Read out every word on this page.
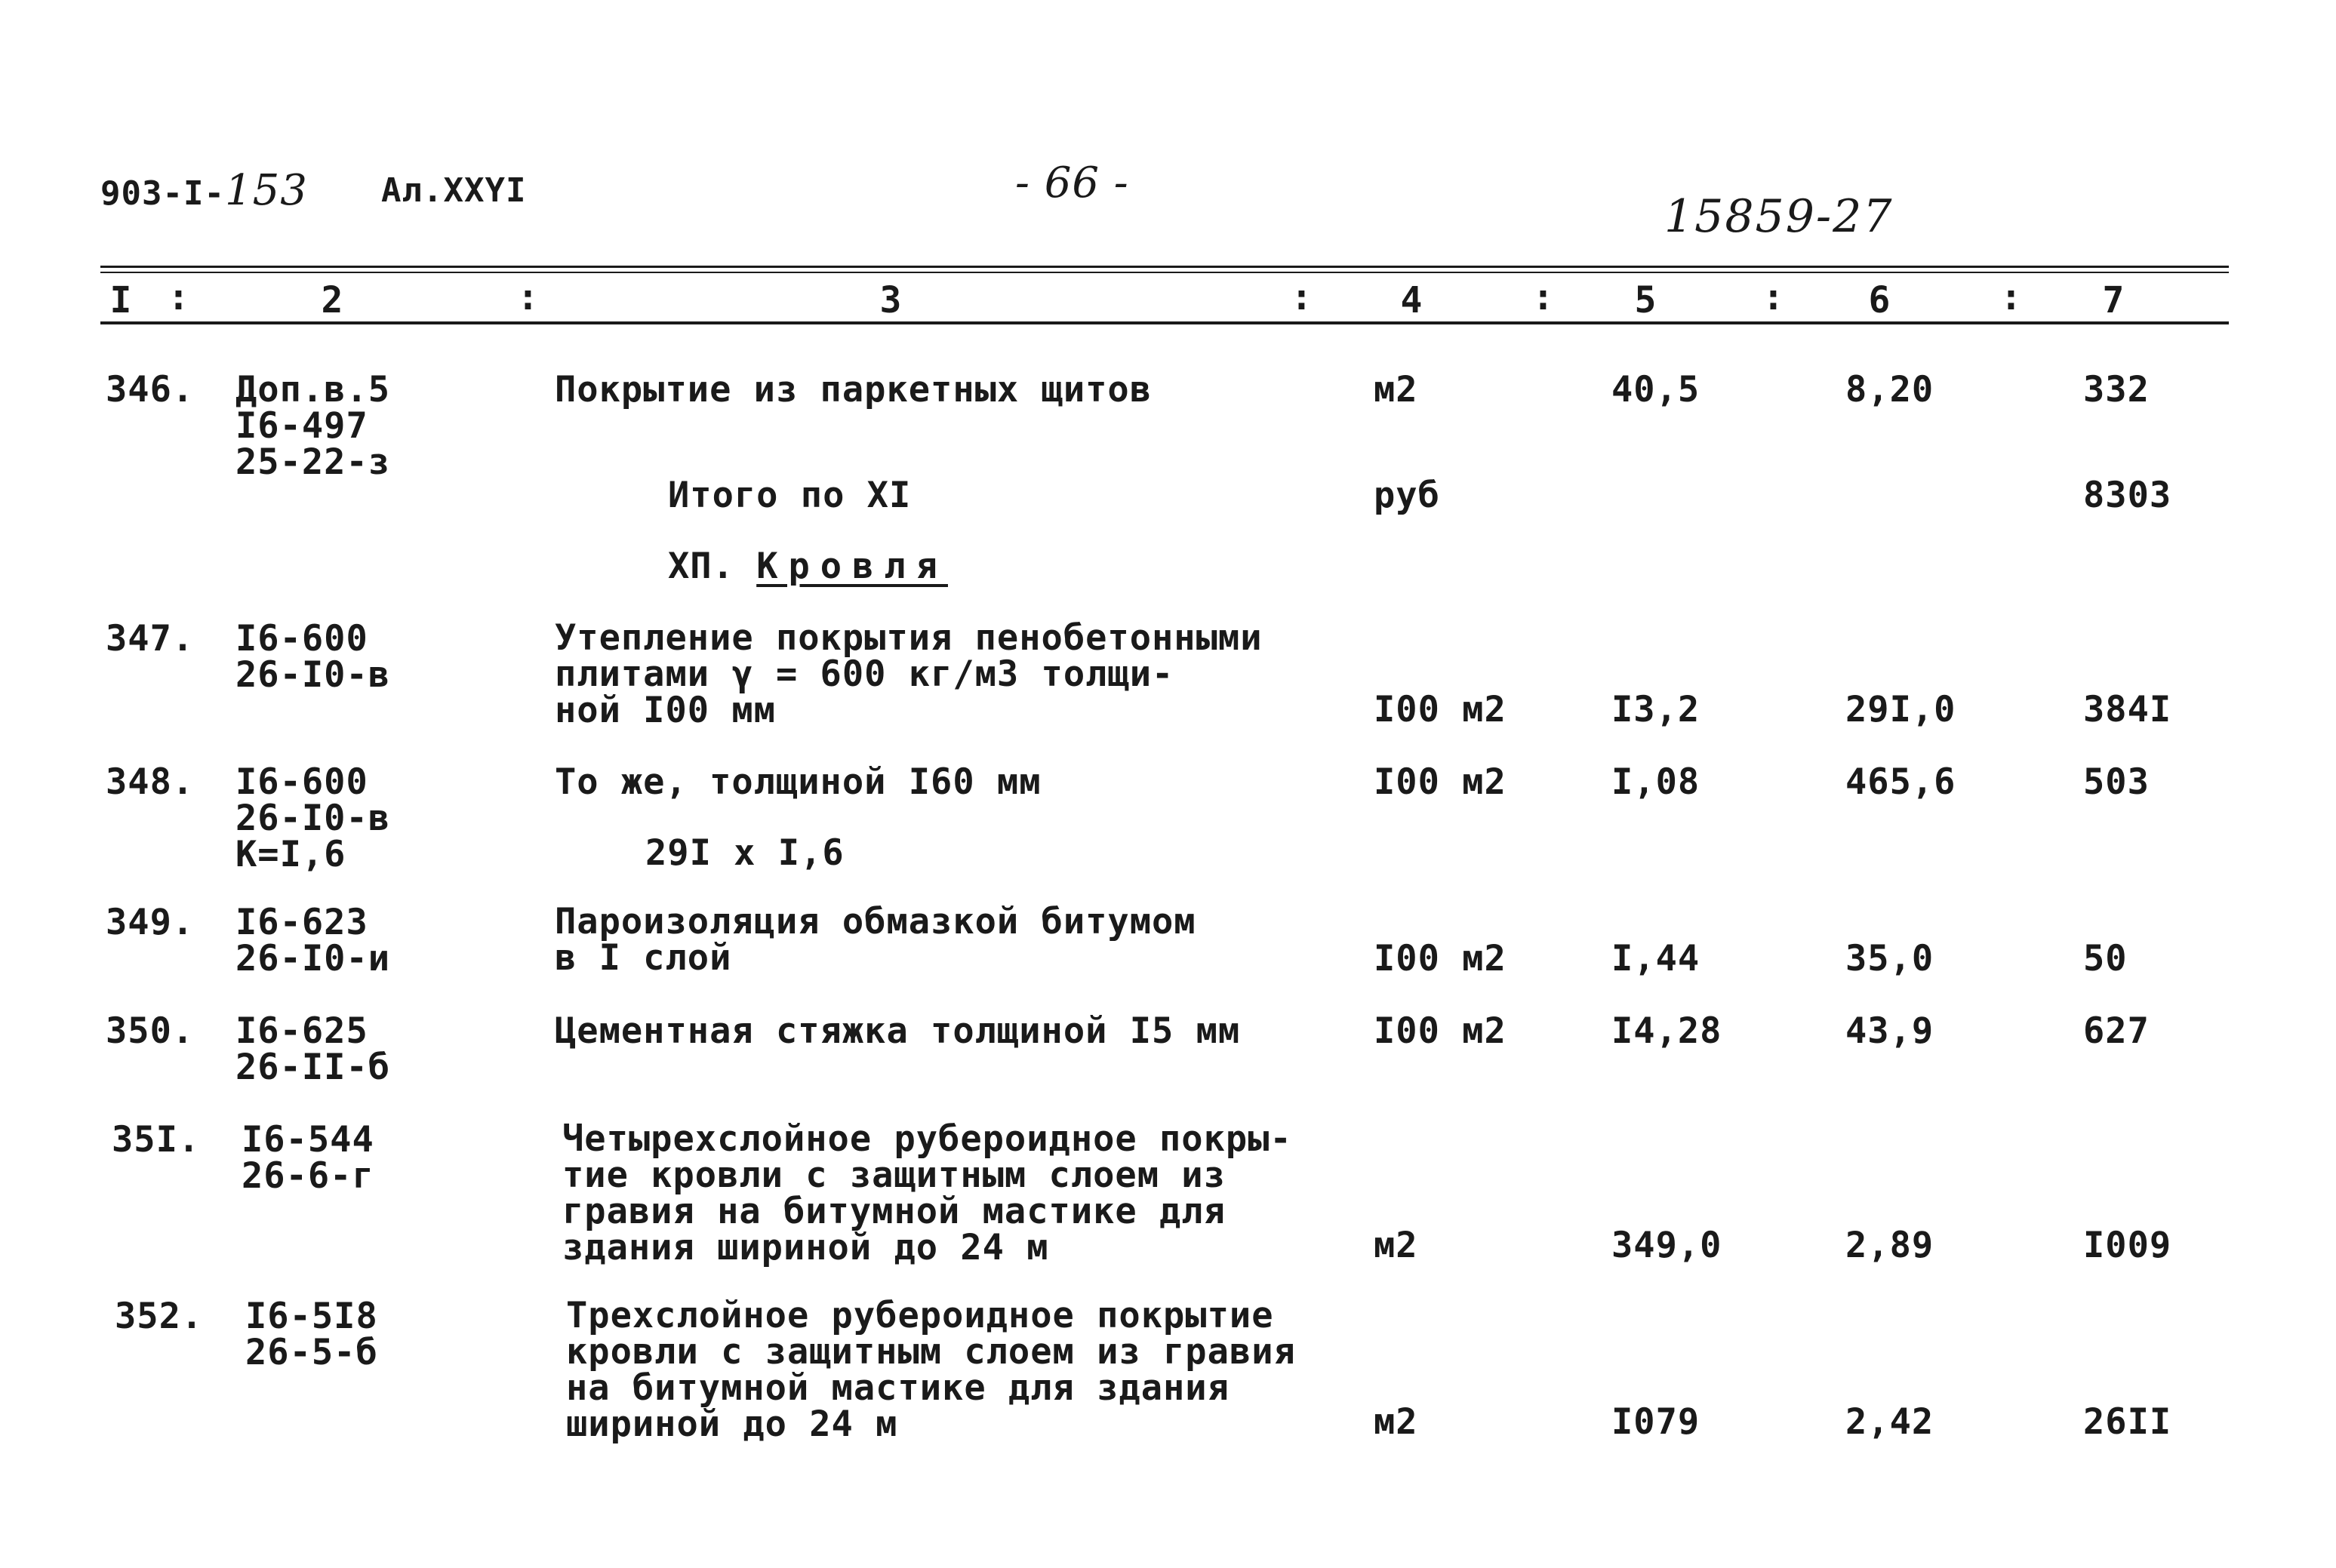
903-I-153 Ал.XXYI	- 66 -
15859-27
I :	2	:	3	:	4	:	5	:	6	:	7
346. Доп.в.5
I6-497
25-22-з
Покрытие из паркетных щитов	м2	40,5	8,20	332
Итого по XI	руб	8303
XП. Кровля
347. I6-600
26-I0-в
Утепление покрытия пенобетонными
плитами γ = 600 кг/м3 толщи-
ной I00 мм	I00 м2	I3,2	29I,0	384I
348. I6-600
26-I0-в
К=I,6
То же, толщиной I60 мм
29I х I,6
I00 м2	I,08	465,6	503
349. I6-623
26-I0-и
Пароизоляция обмазкой битумом
в I слой	I00 м2	I,44	35,0	50
350. I6-625
26-II-б
Цементная стяжка толщиной I5 мм	I00 м2	I4,28	43,9	627
35I. I6-544
26-6-г
Четырехслойное рубероидное покры-
тие кровли с защитным слоем из
гравия на битумной мастике для
здания шириной до 24 м	м2	349,0	2,89	I009
352. I6-5I8
26-5-б
Трехслойное рубероидное покрытие
кровли с защитным слоем из гравия
на битумной мастике для здания
шириной до 24 м	м2	I079	2,42	26II
